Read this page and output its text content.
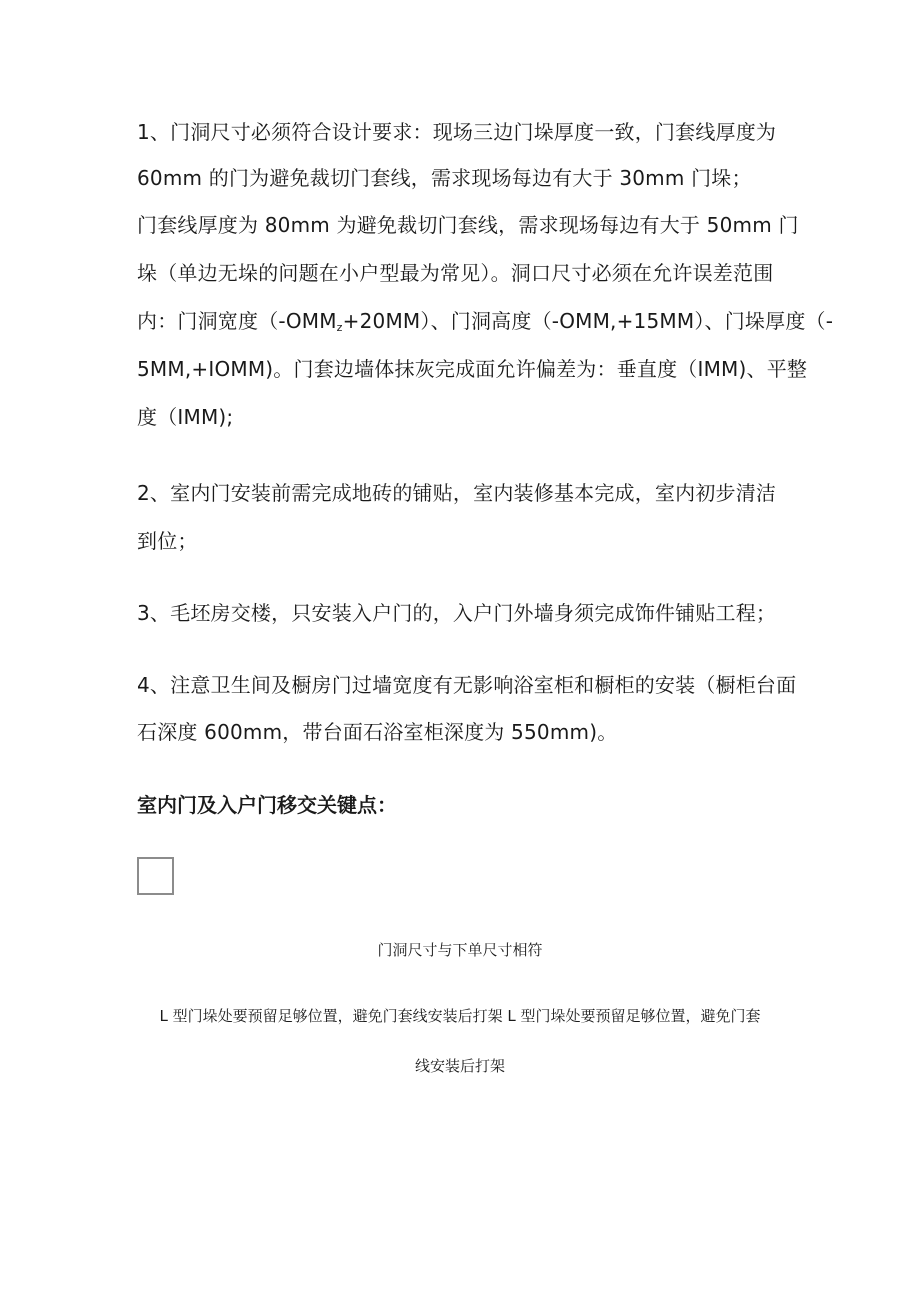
1、门洞尺寸必须符合设计要求：现场三边门垛厚度一致，门套线厚度为
60mm 的门为避免裁切门套线，需求现场每边有大于 30mm 门垛；
门套线厚度为 80mm 为避免裁切门套线，需求现场每边有大于 50mm 门
垛（单边无垛的问题在小户型最为常见）。洞口尺寸必须在允许误差范围
内：门洞宽度$(-OMM_z+20MM)$、门洞高度（-OMM,+15MM）、门垛厚度（-
5MM,+IOMM)。门套边墙体抹灰完成面允许偏差为：垂直度（IMM)、平整
度（IMM);
2、室内门安装前需完成地砖的铺贴，室内装修基本完成，室内初步清洁
到位；
3、毛坯房交楼，只安装入户门的，入户门外墙身须完成饰件铺贴工程；
4、注意卫生间及橱房门过墙宽度有无影响浴室柜和橱柜的安装（橱柜台面
石深度 600mm，带台面石浴室柜深度为 550mm)。
室内门及入户门移交关键点：
门洞尺寸与下单尺寸相符
L 型门垛处要预留足够位置，避免门套线安装后打架 L 型门垛处要预留足够位置，避免门套
线安装后打架
